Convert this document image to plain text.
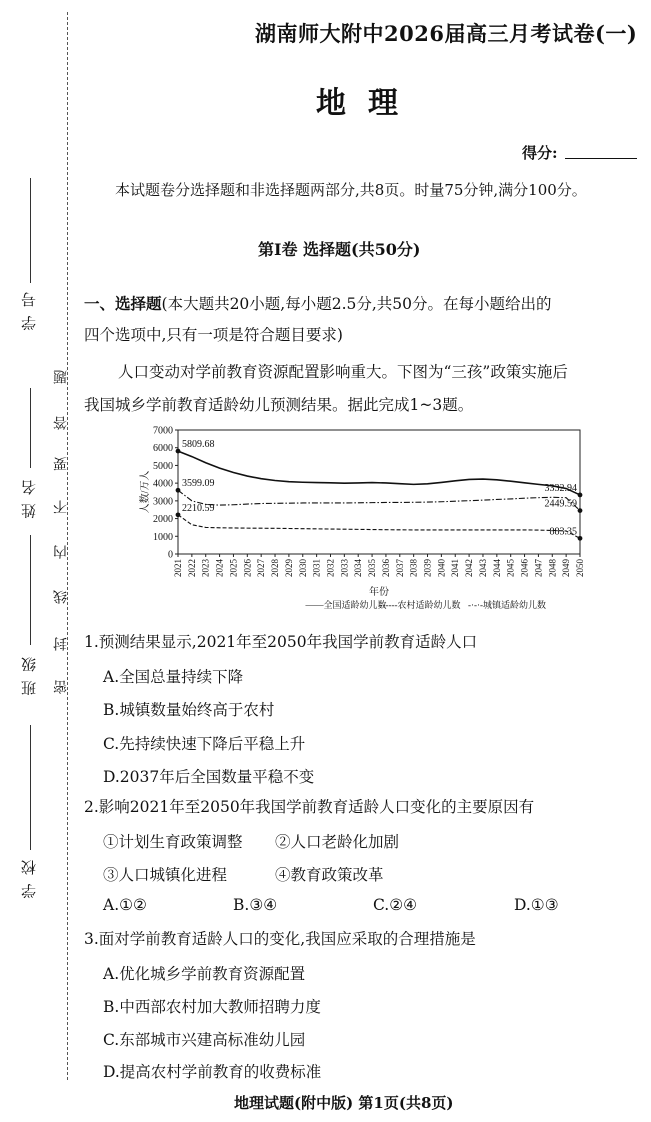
学 号
姓 名
班 级
学 校
题
答
要
不
内
线
封
密
湖南师大附中2026届高三月考试卷(一)
地理
得分:
本试题卷分选择题和非选择题两部分,共8页。时量75分钟,满分100分。
第Ⅰ卷 选择题(共50分)
一、选择题(本大题共20小题,每小题2.5分,共50分。在每小题给出的
四个选项中,只有一项是符合题目要求)
人口变动对学前教育资源配置影响重大。下图为“三孩”政策实施后
我国城乡学前教育适龄幼儿预测结果。据此完成1~3题。
0
1000
2000
3000
4000
5000
6000
7000
人数/万人
2021 2022 2023 2024 2025 2026 2027 2028 2029 2030 2031 2032 2033 2034 2035 2036 2037 2038 2039 2040 2041 2042 2043 2044 2045 2046 2047 2048 2049 2050
年份
5809.68
3599.09
2210.59
3332.94
2449.59
883.35
——全国适龄幼儿数
------农村适龄幼儿数 -·-·-城镇适龄幼儿数
1.预测结果显示,2021年至2050年我国学前教育适龄人口
A.全国总量持续下降
B.城镇数量始终高于农村
C.先持续快速下降后平稳上升
D.2037年后全国数量平稳不变
2.影响2021年至2050年我国学前教育适龄人口变化的主要原因有
①计划生育政策调整 ②人口老龄化加剧
③人口城镇化进程	④教育政策改革
A.①②	B.③④	C.②④	D.①③
3.面对学前教育适龄人口的变化,我国应采取的合理措施是
A.优化城乡学前教育资源配置
B.中西部农村加大教师招聘力度
C.东部城市兴建高标准幼儿园
D.提高农村学前教育的收费标准
地理试题(附中版) 第1页(共8页)
